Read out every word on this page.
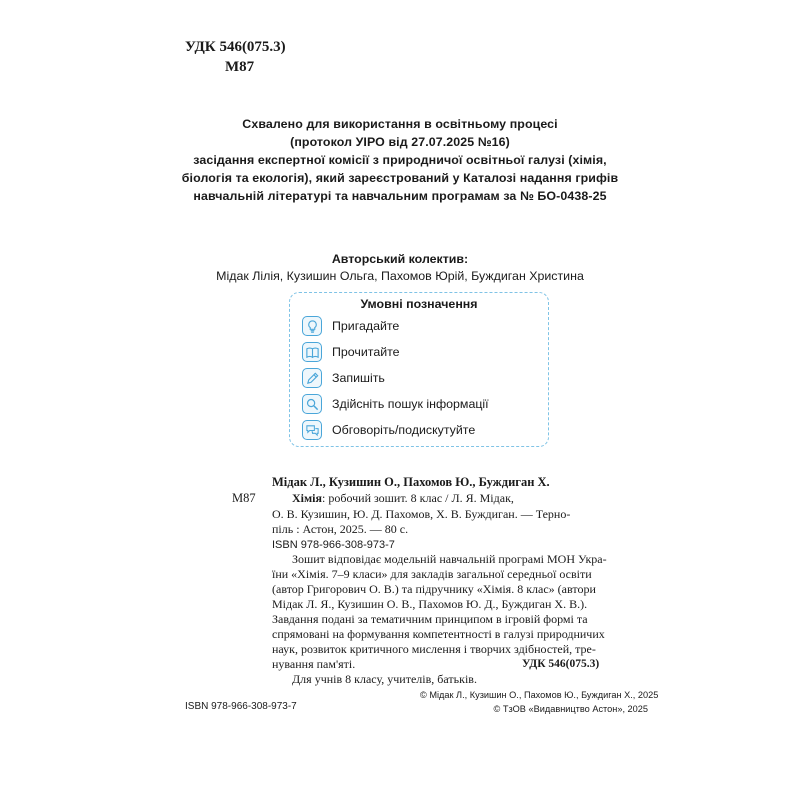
УДК 546(075.3)
М87
Схвалено для використання в освітньому процесі
(протокол УІРО від 27.07.2025 №16)
засідання експертної комісії з природничої освітньої галузі (хімія,
біологія та екологія), який зареєстрований у Каталозі надання грифів
навчальній літературі та навчальним програмам за № БО-0438-25
Авторський колектив:
Мідак Лілія, Кузишин Ольга, Пахомов Юрій, Буждиган Христина
Умовні позначення
Пригадайте
Прочитайте
Запишіть
Здійсніть пошук інформації
Обговоріть/подискутуйте
М87
Мідак Л., Кузишин О., Пахомов Ю., Буждиган Х.
Хімія: робочий зошит. 8 клас / Л. Я. Мідак,
О. В. Кузишин, Ю. Д. Пахомов, Х. В. Буждиган. — Терно-
піль : Астон, 2025. — 80 с.
ISBN 978-966-308-973-7
Зошит відповідає модельній навчальній програмі МОН Укра-
їни «Хімія. 7–9 класи» для закладів загальної середньої освіти
(автор Григорович О. В.) та підручнику «Хімія. 8 клас» (автори
Мідак Л. Я., Кузишин О. В., Пахомов Ю. Д., Буждиган Х. В.).
Завдання подані за тематичним принципом в ігровій формі та
спрямовані на формування компетентності в галузі природничих
наук, розвиток критичного мислення і творчих здібностей, тре-
нування пам'яті.
Для учнів 8 класу, учителів, батьків.
УДК 546(075.3)
ISBN 978-966-308-973-7
© Мідак Л., Кузишин О., Пахомов Ю., Буждиган Х., 2025
© ТзОВ «Видавництво Астон», 2025
